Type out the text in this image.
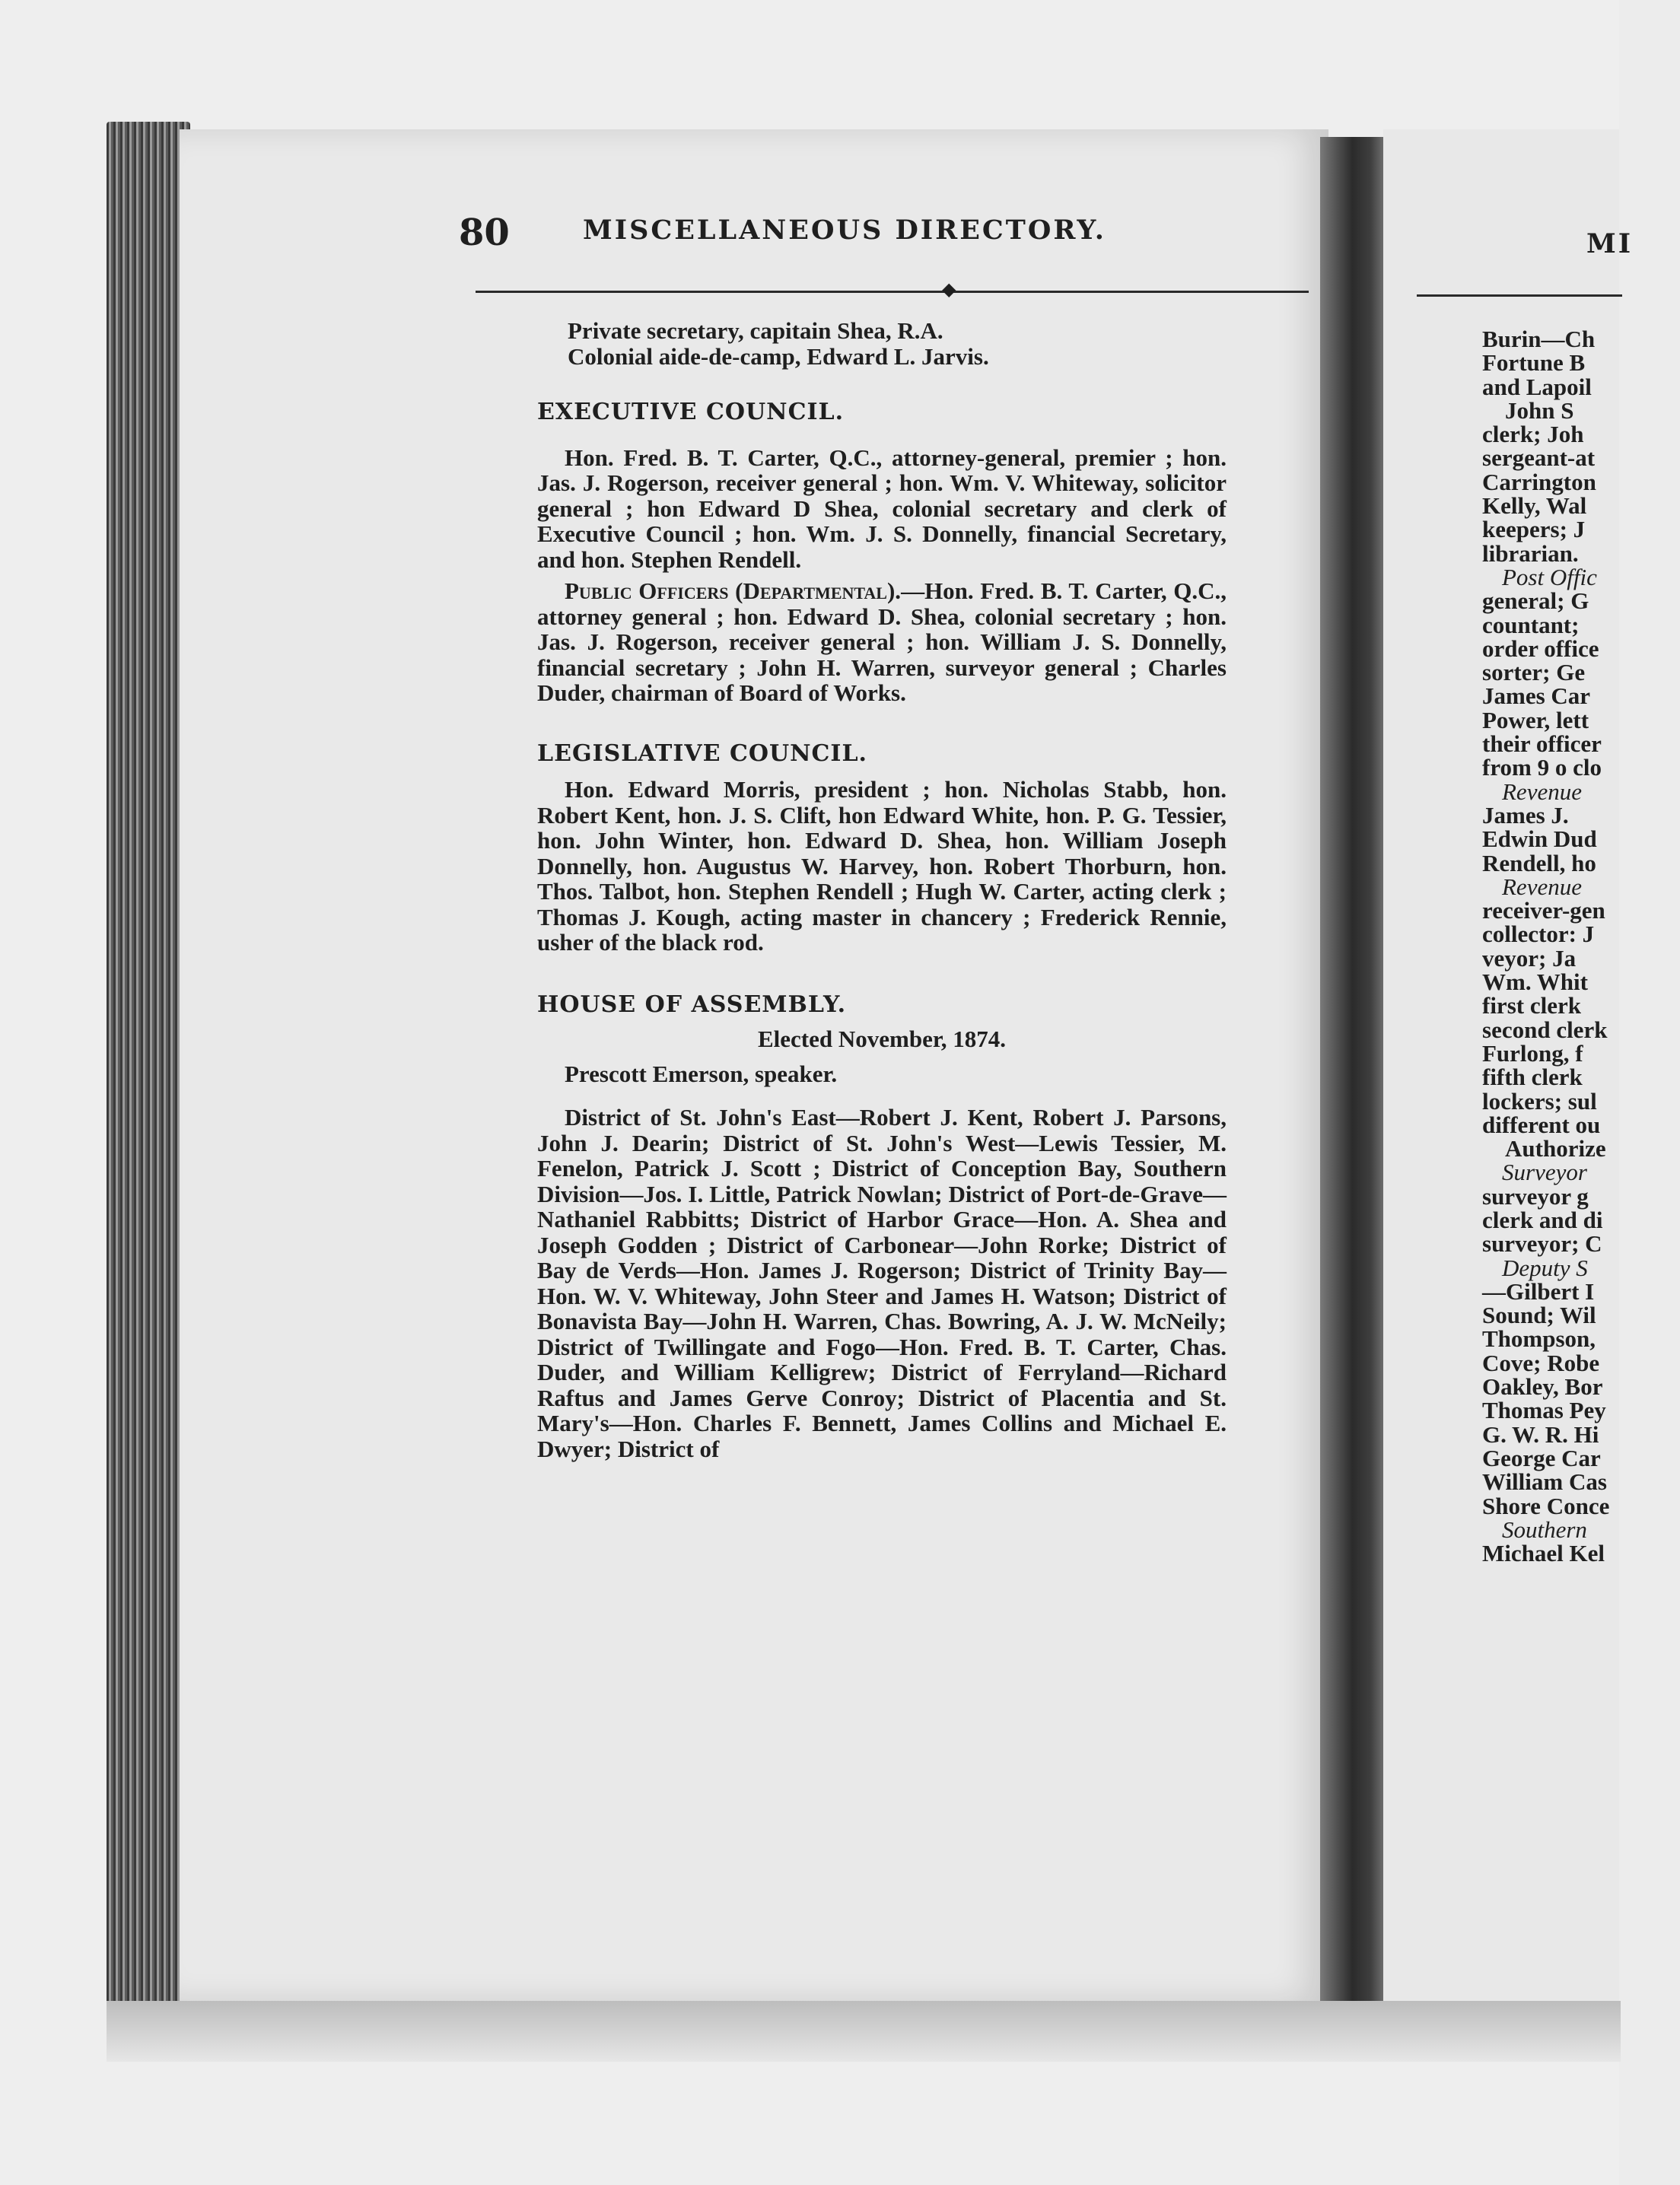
80	MISCELLANEOUS DIRECTORY.
◆
Private secretary, capitain Shea, R.A.
Colonial aide-de-camp, Edward L. Jarvis.

EXECUTIVE COUNCIL.

Hon. Fred. B. T. Carter, Q.C., attorney-general, premier ; hon. Jas. J. Rogerson, receiver general ; hon. Wm. V. Whiteway, solicitor general ; hon Edward D Shea, colonial secretary and clerk of Executive Council ; hon. Wm. J. S. Donnelly, financial Secretary, and hon. Stephen Rendell.

Public Officers (Departmental).—Hon. Fred. B. T. Carter, Q.C., attorney general ; hon. Edward D. Shea, colonial secretary ; hon. Jas. J. Rogerson, receiver general ; hon. William J. S. Donnelly, financial secretary ; John H. Warren, surveyor general ; Charles Duder, chairman of Board of Works.

LEGISLATIVE COUNCIL.

Hon. Edward Morris, president ; hon. Nicholas Stabb, hon. Robert Kent, hon. J. S. Clift, hon Edward White, hon. P. G. Tessier, hon. John Winter, hon. Edward D. Shea, hon. William Joseph Donnelly, hon. Augustus W. Harvey, hon. Robert Thorburn, hon. Thos. Talbot, hon. Stephen Rendell ; Hugh W. Carter, acting clerk ; Thomas J. Kough, acting master in chancery ; Frederick Rennie, usher of the black rod.

HOUSE OF ASSEMBLY.

Elected November, 1874.

Prescott Emerson, speaker.

District of St. John's East—Robert J. Kent, Robert J. Parsons, John J. Dearin; District of St. John's West—Lewis Tessier, M. Fenelon, Patrick J. Scott ; District of Conception Bay, Southern Division—Jos. I. Little, Patrick Nowlan; District of Port-de-Grave—Nathaniel Rabbitts; District of Harbor Grace—Hon. A. Shea and Joseph Godden ; District of Carbonear—John Rorke; District of Bay de Verds—Hon. James J. Rogerson; District of Trinity Bay—Hon. W. V. Whiteway, John Steer and James H. Watson; District of Bonavista Bay—John H. Warren, Chas. Bowring, A. J. W. McNeily; District of Twillingate and Fogo—Hon. Fred. B. T. Carter, Chas. Duder, and William Kelligrew; District of Ferryland—Richard Raftus and James Gerve Conroy; District of Placentia and St. Mary's—Hon. Charles F. Bennett, James Collins and Michael E. Dwyer; District of

MI
Burin—Ch
Fortune B
and Lapoil
John S
clerk; Joh
sergeant-at
Carrington
Kelly, Wal
keepers; J
librarian.
Post Offic
general; G
countant;
order office
sorter; Ge
James Car
Power, lett
their officer
from 9 o clo
Revenue
James J.
Edwin Dud
Rendell, ho
Revenue
receiver-gen
collector: J
veyor; Ja
Wm. Whit
first clerk
second clerk
Furlong, f
fifth clerk
lockers; sul
different ou
Authorize
Surveyor
surveyor g
clerk and di
surveyor; C
Deputy S
—Gilbert I
Sound; Wil
Thompson,
Cove; Robe
Oakley, Bor
Thomas Pey
G. W. R. Hi
George Car
William Cas
Shore Conce
Southern
Michael Kel
